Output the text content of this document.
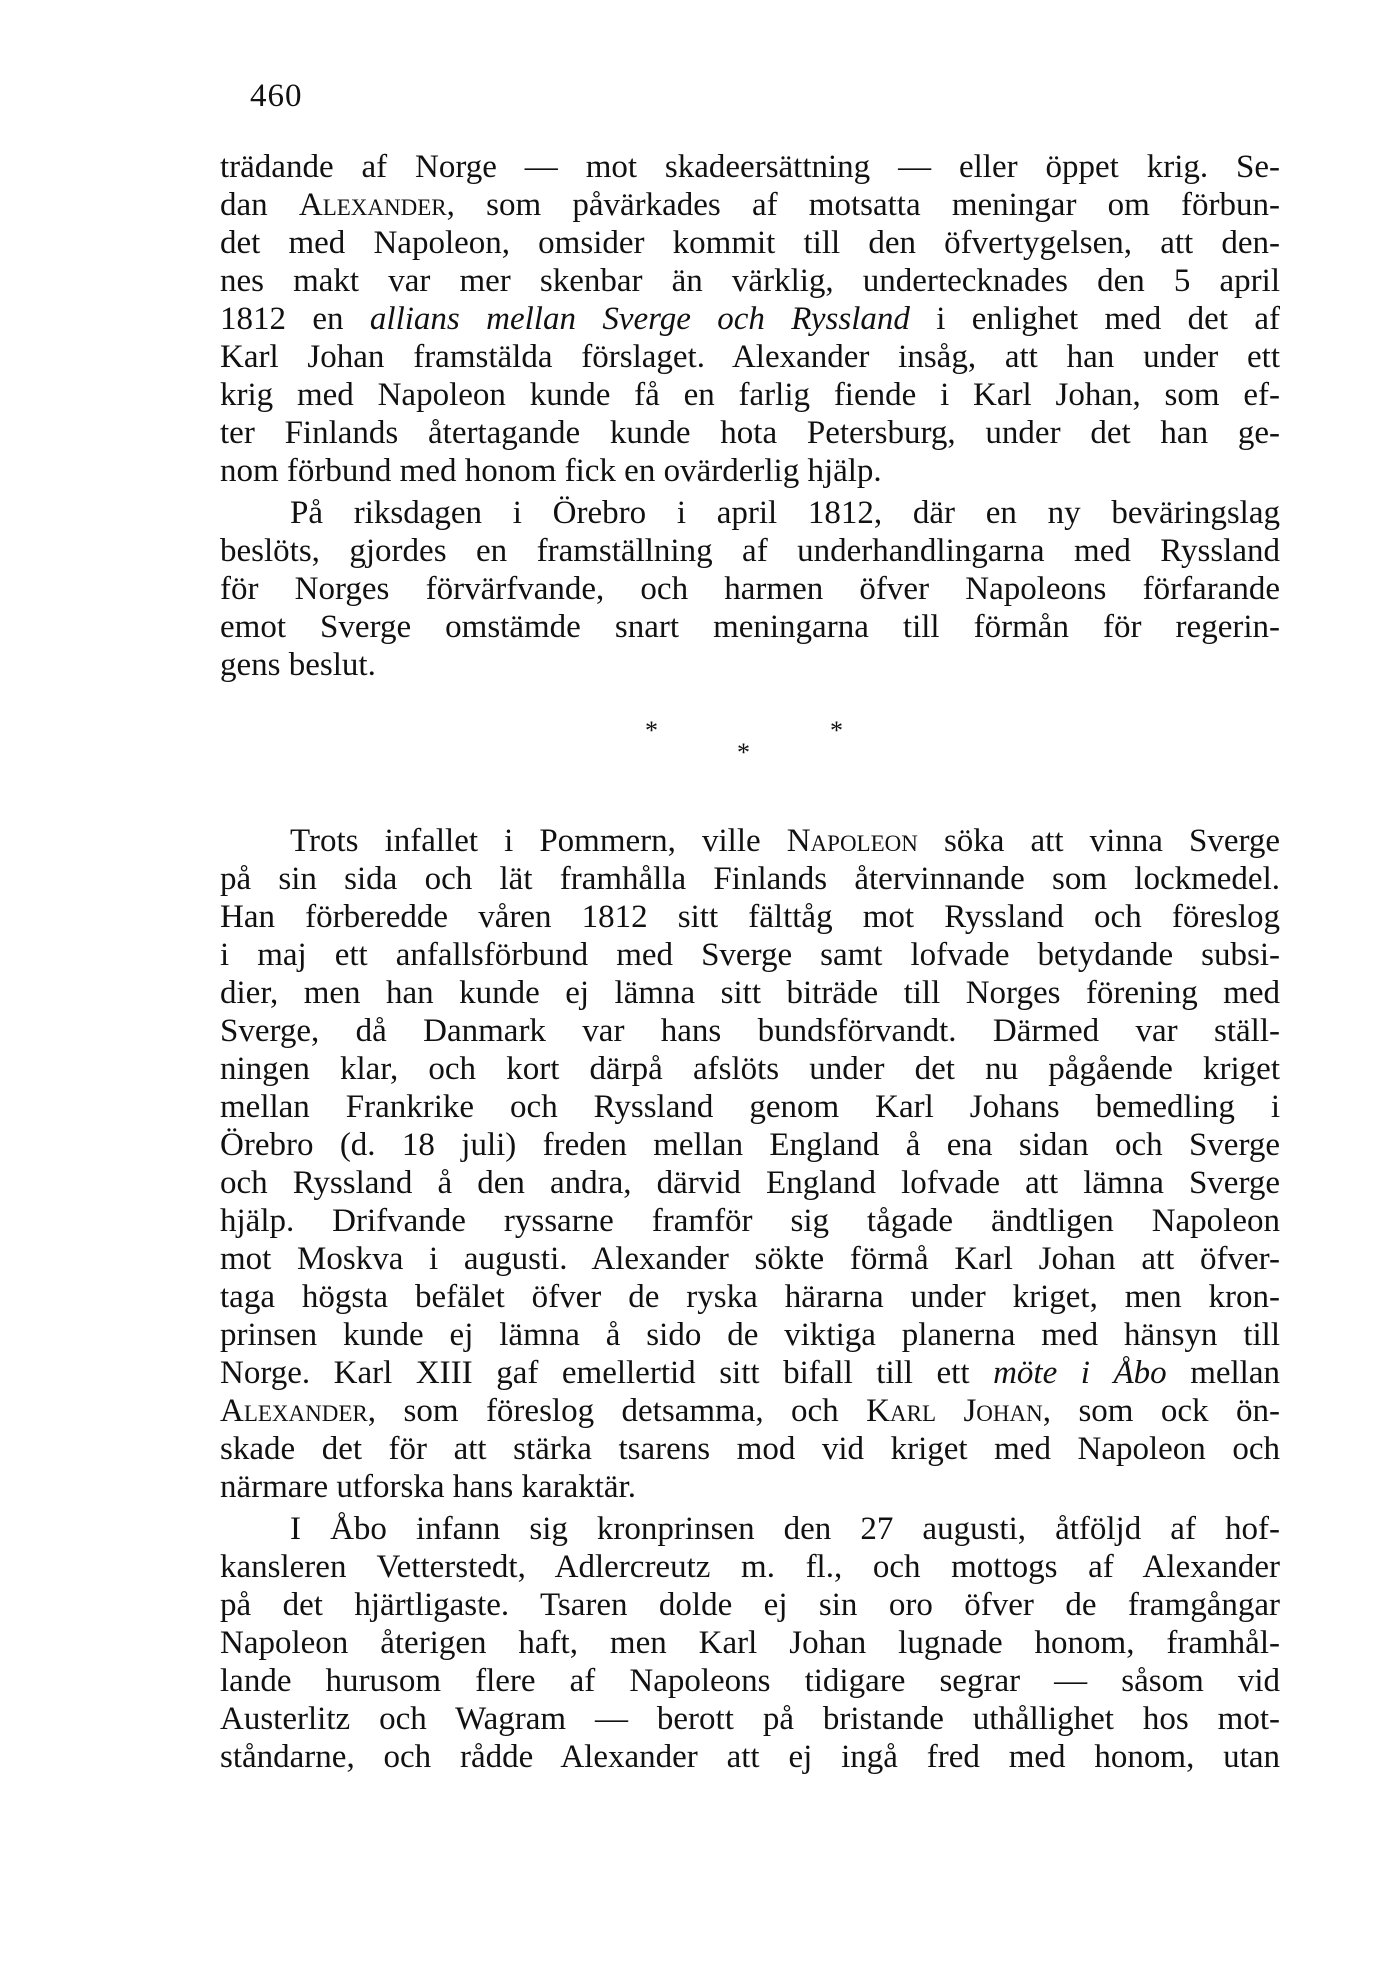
460
trädande af Norge — mot skadeersättning — eller öppet krig. Se-
dan Alexander, som påvärkades af motsatta meningar om förbun-
det med Napoleon, omsider kommit till den öfvertygelsen, att den-
nes makt var mer skenbar än värklig, undertecknades den 5 april
1812 en allians mellan Sverge och Ryssland i enlighet med det af
Karl Johan framstälda förslaget. Alexander insåg, att han under ett
krig med Napoleon kunde få en farlig fiende i Karl Johan, som ef-
ter Finlands återtagande kunde hota Petersburg, under det han ge-
nom förbund med honom fick en ovärderlig hjälp.
På riksdagen i Örebro i april 1812, där en ny beväringslag
beslöts, gjordes en framställning af underhandlingarna med Ryssland
för Norges förvärfvande, och harmen öfver Napoleons förfarande
emot Sverge omstämde snart meningarna till förmån för regerin-
gens beslut.
*	*
*
Trots infallet i Pommern, ville Napoleon söka att vinna Sverge
på sin sida och lät framhålla Finlands återvinnande som lockmedel.
Han förberedde våren 1812 sitt fälttåg mot Ryssland och föreslog
i maj ett anfallsförbund med Sverge samt lofvade betydande subsi-
dier, men han kunde ej lämna sitt biträde till Norges förening med
Sverge, då Danmark var hans bundsförvandt. Därmed var ställ-
ningen klar, och kort därpå afslöts under det nu pågående kriget
mellan Frankrike och Ryssland genom Karl Johans bemedling i
Örebro (d. 18 juli) freden mellan England å ena sidan och Sverge
och Ryssland å den andra, därvid England lofvade att lämna Sverge
hjälp. Drifvande ryssarne framför sig tågade ändtligen Napoleon
mot Moskva i augusti. Alexander sökte förmå Karl Johan att öfver-
taga högsta befälet öfver de ryska härarna under kriget, men kron-
prinsen kunde ej lämna å sido de viktiga planerna med hänsyn till
Norge. Karl XIII gaf emellertid sitt bifall till ett möte i Åbo mellan
Alexander, som föreslog detsamma, och Karl Johan, som ock ön-
skade det för att stärka tsarens mod vid kriget med Napoleon och
närmare utforska hans karaktär.
I Åbo infann sig kronprinsen den 27 augusti, åtföljd af hof-
kansleren Vetterstedt, Adlercreutz m. fl., och mottogs af Alexander
på det hjärtligaste. Tsaren dolde ej sin oro öfver de framgångar
Napoleon återigen haft, men Karl Johan lugnade honom, framhål-
lande hurusom flere af Napoleons tidigare segrar — såsom vid
Austerlitz och Wagram — berott på bristande uthållighet hos mot-
ståndarne, och rådde Alexander att ej ingå fred med honom, utan
